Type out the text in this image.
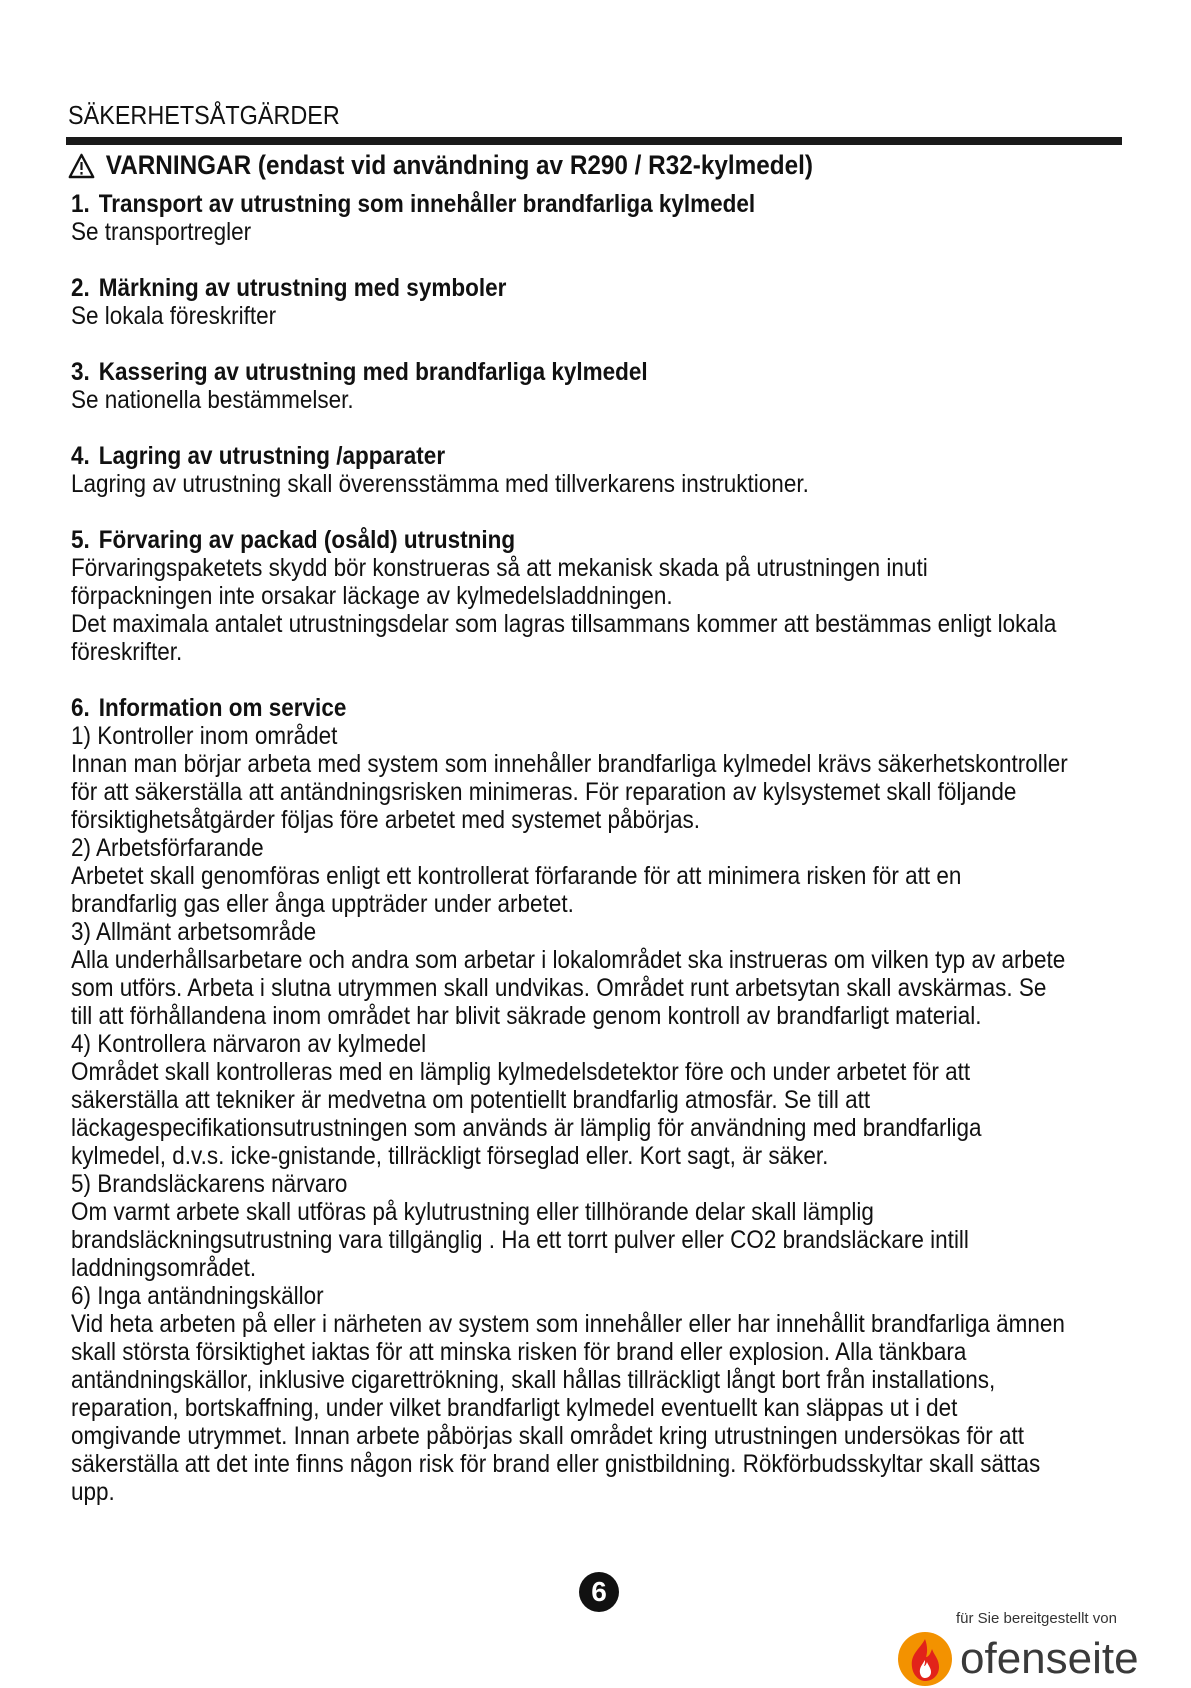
SÄKERHETSÅTGÄRDER
VARNINGAR (endast vid användning av R290 / R32-kylmedel)
1. Transport av utrustning som innehåller brandfarliga kylmedel

Se transportregler

2. Märkning av utrustning med symboler

Se lokala föreskrifter

3. Kassering av utrustning med brandfarliga kylmedel

Se nationella bestämmelser.

4. Lagring av utrustning /apparater

Lagring av utrustning skall överensstämma med tillverkarens instruktioner.

5. Förvaring av packad (osåld) utrustning

Förvaringspaketets skydd bör konstrueras så att mekanisk skada på utrustningen inuti

förpackningen inte orsakar läckage av kylmedelsladdningen.

Det maximala antalet utrustningsdelar som lagras tillsammans kommer att bestämmas enligt lokala

föreskrifter.

6. Information om service

1) Kontroller inom området

Innan man börjar arbeta med system som innehåller brandfarliga kylmedel krävs säkerhetskontroller

för att säkerställa att antändningsrisken minimeras. För reparation av kylsystemet skall följande

försiktighetsåtgärder följas före arbetet med systemet påbörjas.

2) Arbetsförfarande

Arbetet skall genomföras enligt ett kontrollerat förfarande för att minimera risken för att en

brandfarlig gas eller ånga uppträder under arbetet.

3) Allmänt arbetsområde

Alla underhållsarbetare och andra som arbetar i lokalområdet ska instrueras om vilken typ av arbete

som utförs. Arbeta i slutna utrymmen skall undvikas. Området runt arbetsytan skall avskärmas. Se

till att förhållandena inom området har blivit säkrade genom kontroll av brandfarligt material.

4) Kontrollera närvaron av kylmedel

Området skall kontrolleras med en lämplig kylmedelsdetektor före och under arbetet för att

säkerställa att tekniker är medvetna om potentiellt brandfarlig atmosfär. Se till att

läckagespecifikationsutrustningen som används är lämplig för användning med brandfarliga

kylmedel, d.v.s. icke-gnistande, tillräckligt förseglad eller. Kort sagt, är säker.

5) Brandsläckarens närvaro

Om varmt arbete skall utföras på kylutrustning eller tillhörande delar skall lämplig

brandsläckningsutrustning vara tillgänglig . Ha ett torrt pulver eller CO2 brandsläckare intill

laddningsområdet.

6) Inga antändningskällor

Vid heta arbeten på eller i närheten av system som innehåller eller har innehållit brandfarliga ämnen

skall största försiktighet iaktas för att minska risken för brand eller explosion. Alla tänkbara

antändningskällor, inklusive cigarettrökning, skall hållas tillräckligt långt bort från installations,

reparation, bortskaffning, under vilket brandfarligt kylmedel eventuellt kan släppas ut i det

omgivande utrymmet. Innan arbete påbörjas skall området kring utrustningen undersökas för att

säkerställa att det inte finns någon risk för brand eller gnistbildning. Rökförbudsskyltar skall sättas

upp.

6
für Sie bereitgestellt von
ofenseite
